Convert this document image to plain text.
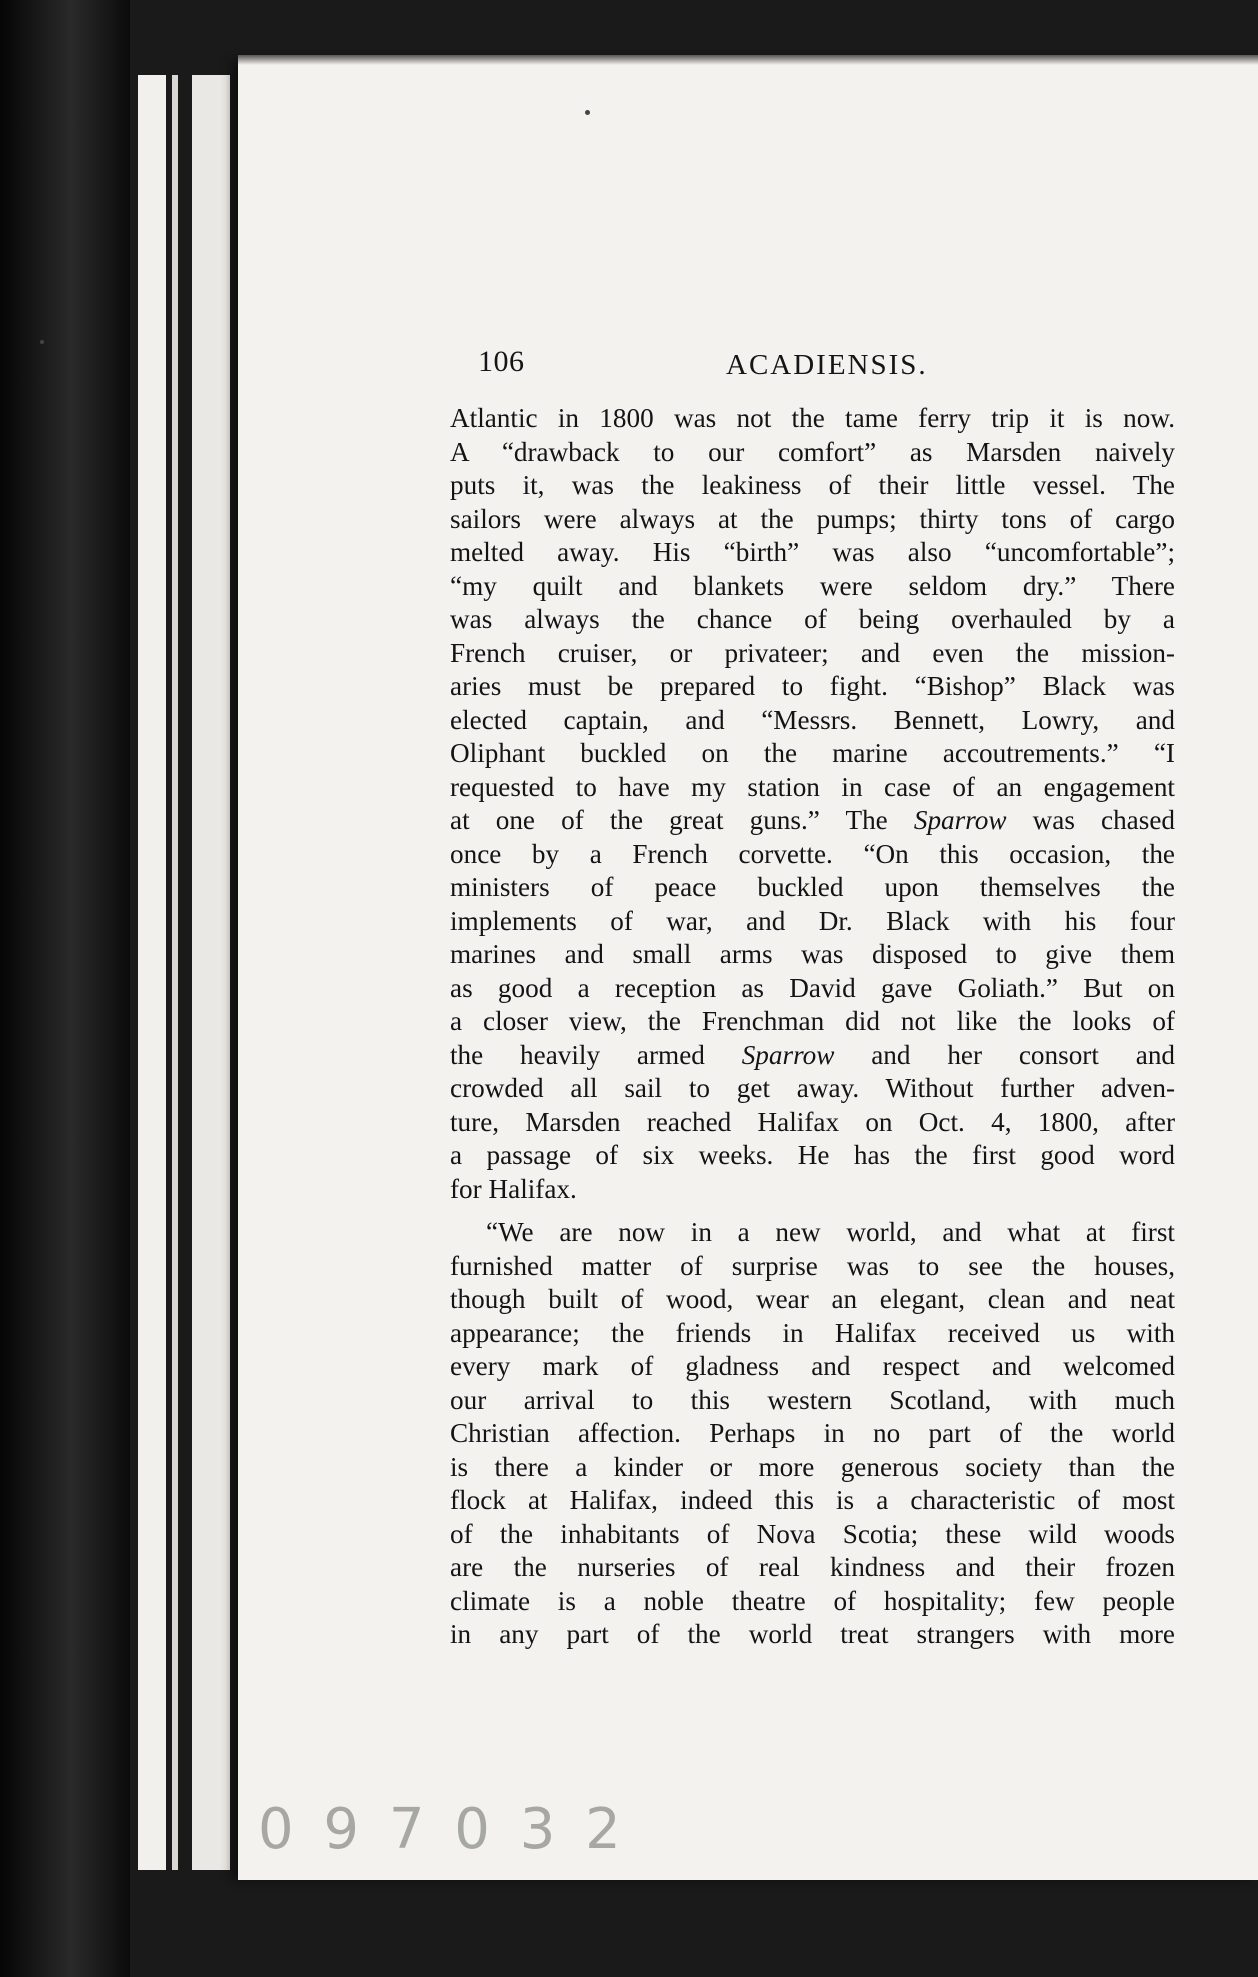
106	ACADIENSIS.

Atlantic in 1800 was not the tame ferry trip it is now.
A “drawback to our comfort” as Marsden naively
puts it, was the leakiness of their little vessel. The
sailors were always at the pumps; thirty tons of cargo
melted away. His “birth” was also “uncomfortable”;
“my quilt and blankets were seldom dry.” There
was always the chance of being overhauled by a
French cruiser, or privateer; and even the mission-
aries must be prepared to fight. “Bishop” Black was
elected captain, and “Messrs. Bennett, Lowry, and
Oliphant buckled on the marine accoutrements.” “I
requested to have my station in case of an engagement
at one of the great guns.” The Sparrow was chased
once by a French corvette. “On this occasion, the
ministers of peace buckled upon themselves the
implements of war, and Dr. Black with his four
marines and small arms was disposed to give them
as good a reception as David gave Goliath.” But on
a closer view, the Frenchman did not like the looks of
the heavily armed Sparrow and her consort and
crowded all sail to get away. Without further adven-
ture, Marsden reached Halifax on Oct. 4, 1800, after
a passage of six weeks. He has the first good word
for Halifax.

“We are now in a new world, and what at first
furnished matter of surprise was to see the houses,
though built of wood, wear an elegant, clean and neat
appearance; the friends in Halifax received us with
every mark of gladness and respect and welcomed
our arrival to this western Scotland, with much
Christian affection. Perhaps in no part of the world
is there a kinder or more generous society than the
flock at Halifax, indeed this is a characteristic of most
of the inhabitants of Nova Scotia; these wild woods
are the nurseries of real kindness and their frozen
climate is a noble theatre of hospitality; few people
in any part of the world treat strangers with more

0 9 7 0 3 2
